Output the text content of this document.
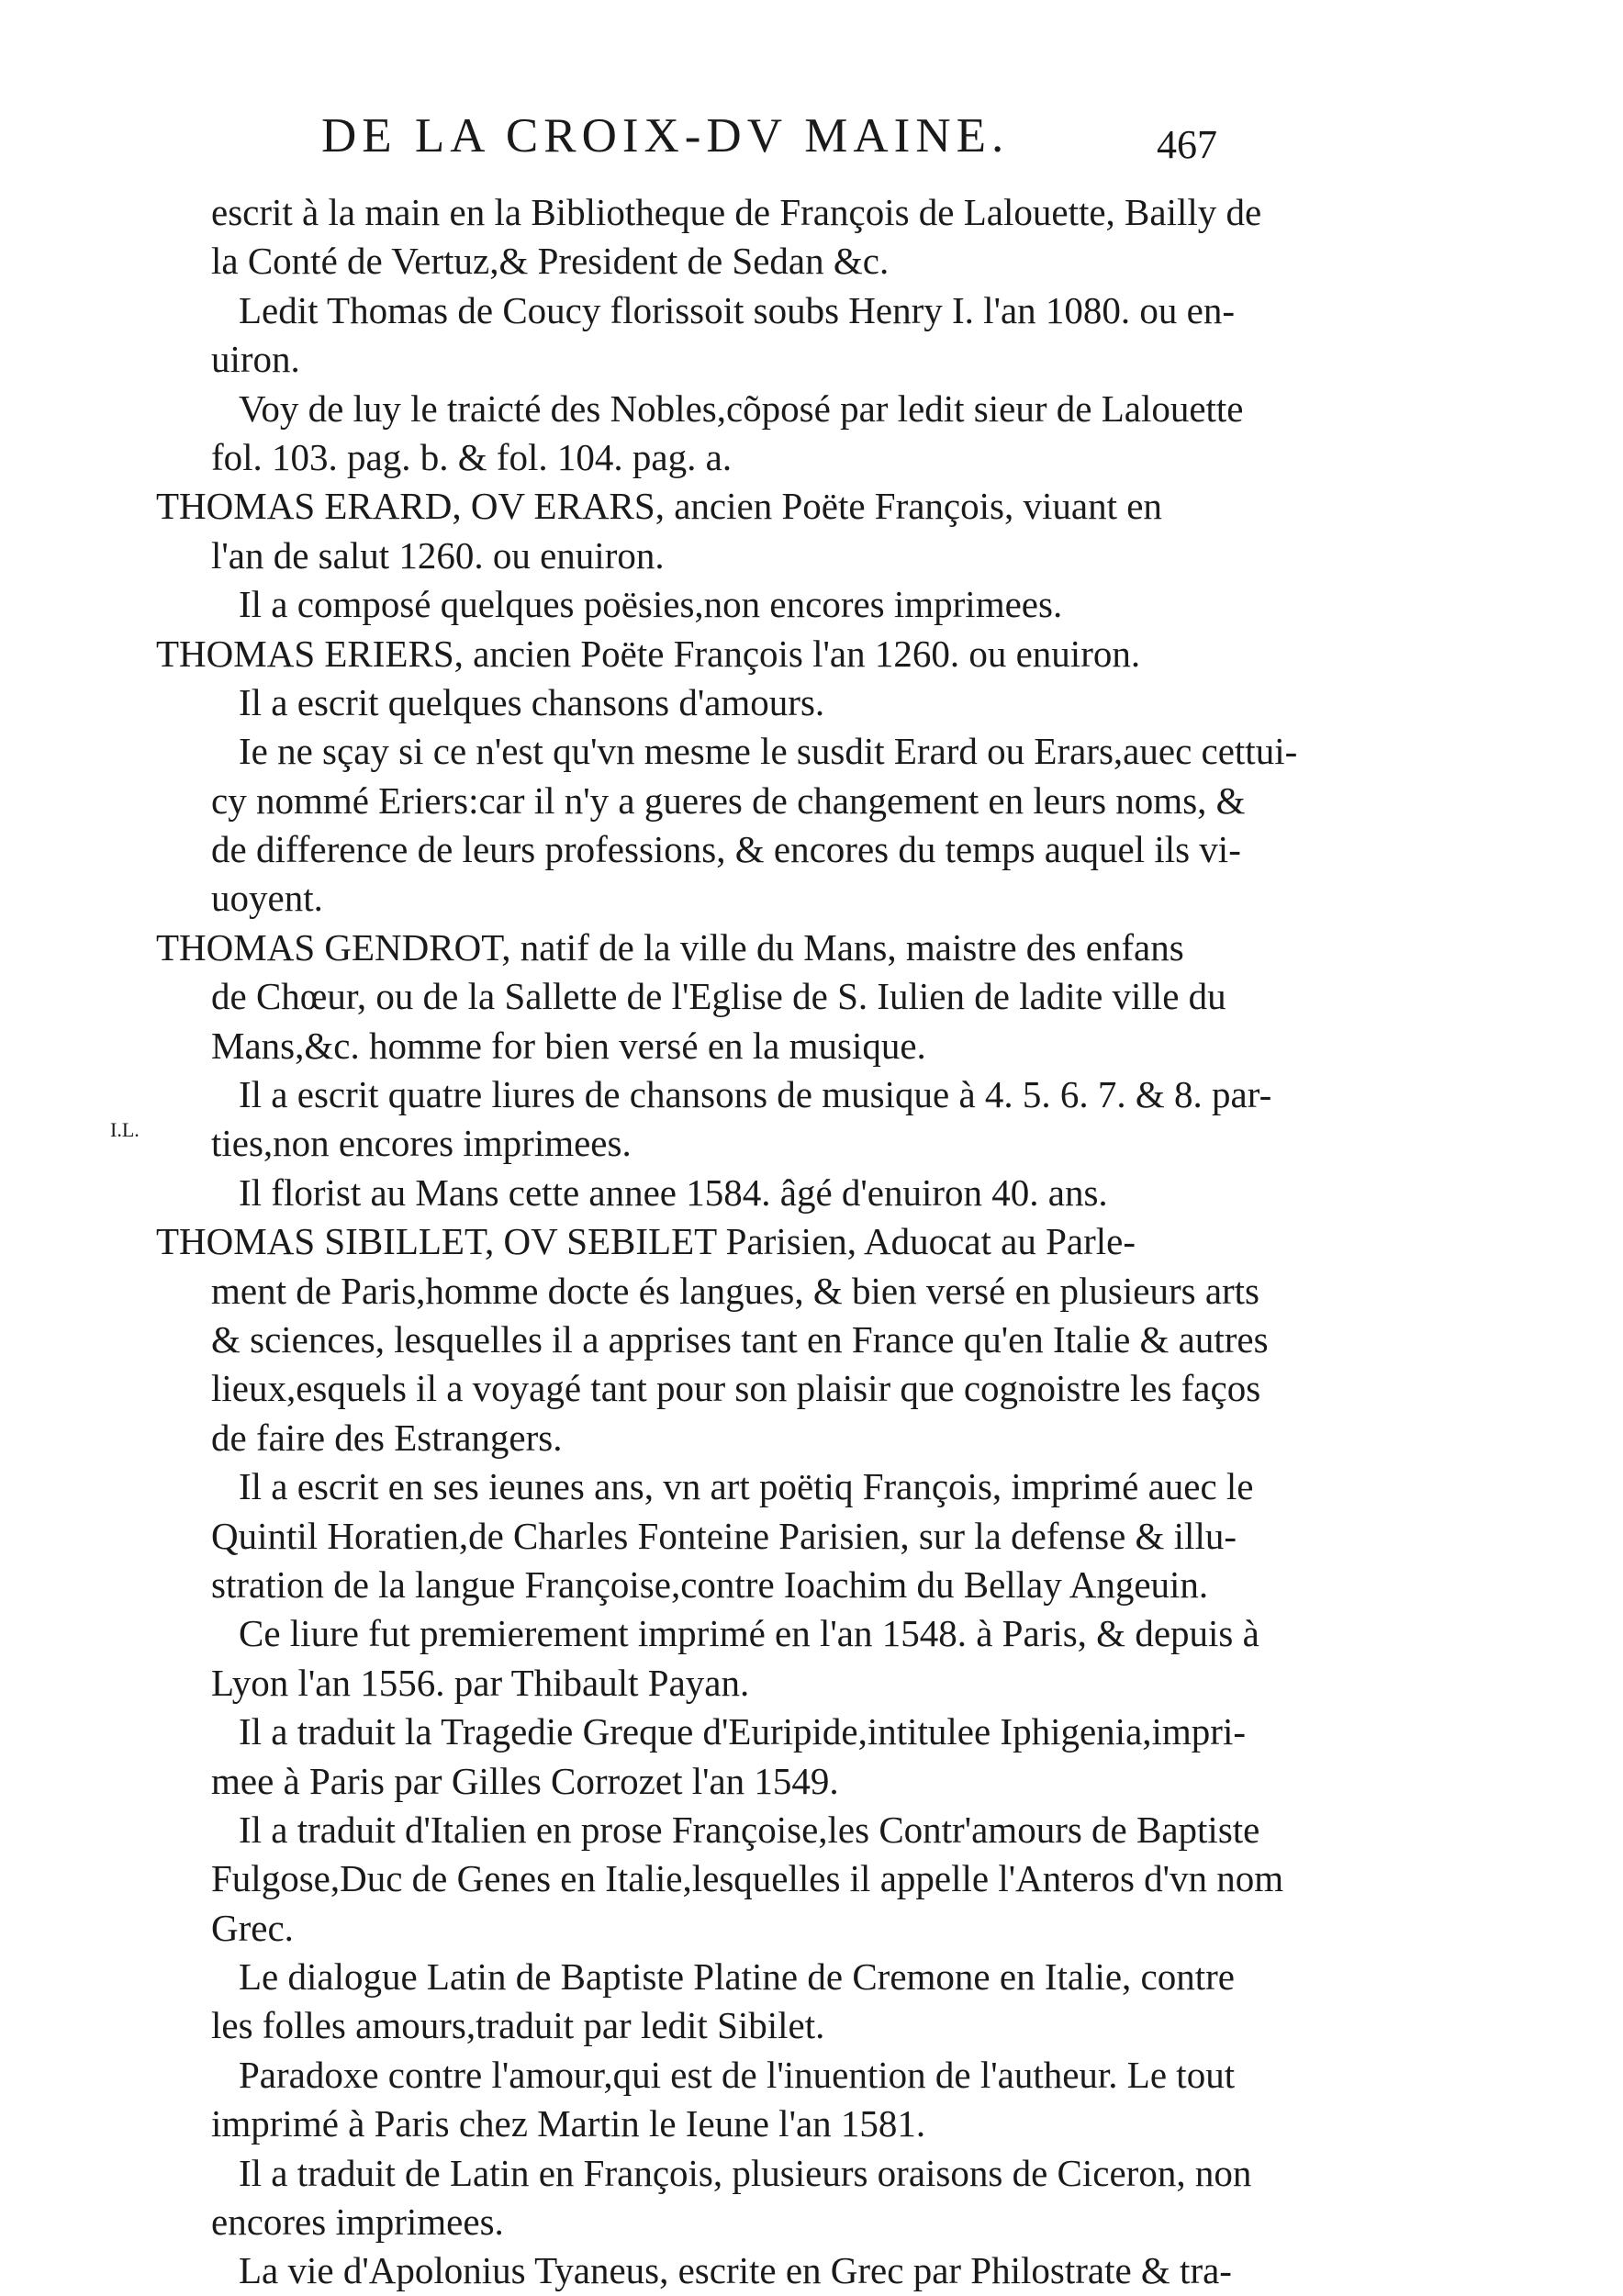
DE LA CROIX-DV MAINE.	467
I.L.
escrit à la main en la Bibliotheque de François de Lalouette, Bailly de
la Conté de Vertuz,& President de Sedan &c.
Ledit Thomas de Coucy florissoit soubs Henry I. l'an 1080. ou en-
uiron.
Voy de luy le traicté des Nobles,cõposé par ledit sieur de Lalouette
fol. 103. pag. b. & fol. 104. pag. a.
THOMAS ERARD, OV ERARS, ancien Poëte François, viuant en
l'an de salut 1260. ou enuiron.
Il a composé quelques poësies,non encores imprimees.
THOMAS ERIERS, ancien Poëte François l'an 1260. ou enuiron.
Il a escrit quelques chansons d'amours.
Ie ne sçay si ce n'est qu'vn mesme le susdit Erard ou Erars,auec cettui-
cy nommé Eriers:car il n'y a gueres de changement en leurs noms, &
de difference de leurs professions, & encores du temps auquel ils vi-
uoyent.
THOMAS GENDROT, natif de la ville du Mans, maistre des enfans
de Chœur, ou de la Sallette de l'Eglise de S. Iulien de ladite ville du
Mans,&c. homme for bien versé en la musique.
Il a escrit quatre liures de chansons de musique à 4. 5. 6. 7. & 8. par-
ties,non encores imprimees.
Il florist au Mans cette annee 1584. âgé d'enuiron 40. ans.
THOMAS SIBILLET, OV SEBILET Parisien, Aduocat au Parle-
ment de Paris,homme docte és langues, & bien versé en plusieurs arts
& sciences, lesquelles il a apprises tant en France qu'en Italie & autres
lieux,esquels il a voyagé tant pour son plaisir que cognoistre les faços
de faire des Estrangers.
Il a escrit en ses ieunes ans, vn art poëtiq François, imprimé auec le
Quintil Horatien,de Charles Fonteine Parisien, sur la defense & illu-
stration de la langue Françoise,contre Ioachim du Bellay Angeuin.
Ce liure fut premierement imprimé en l'an 1548. à Paris, & depuis à
Lyon l'an 1556. par Thibault Payan.
Il a traduit la Tragedie Greque d'Euripide,intitulee Iphigenia,impri-
mee à Paris par Gilles Corrozet l'an 1549.
Il a traduit d'Italien en prose Françoise,les Contr'amours de Baptiste
Fulgose,Duc de Genes en Italie,lesquelles il appelle l'Anteros d'vn nom
Grec.
Le dialogue Latin de Baptiste Platine de Cremone en Italie, contre
les folles amours,traduit par ledit Sibilet.
Paradoxe contre l'amour,qui est de l'inuention de l'autheur. Le tout
imprimé à Paris chez Martin le Ieune l'an 1581.
Il a traduit de Latin en François, plusieurs oraisons de Ciceron, non
encores imprimees.
La vie d'Apolonius Tyaneus, escrite en Grec par Philostrate & tra-
